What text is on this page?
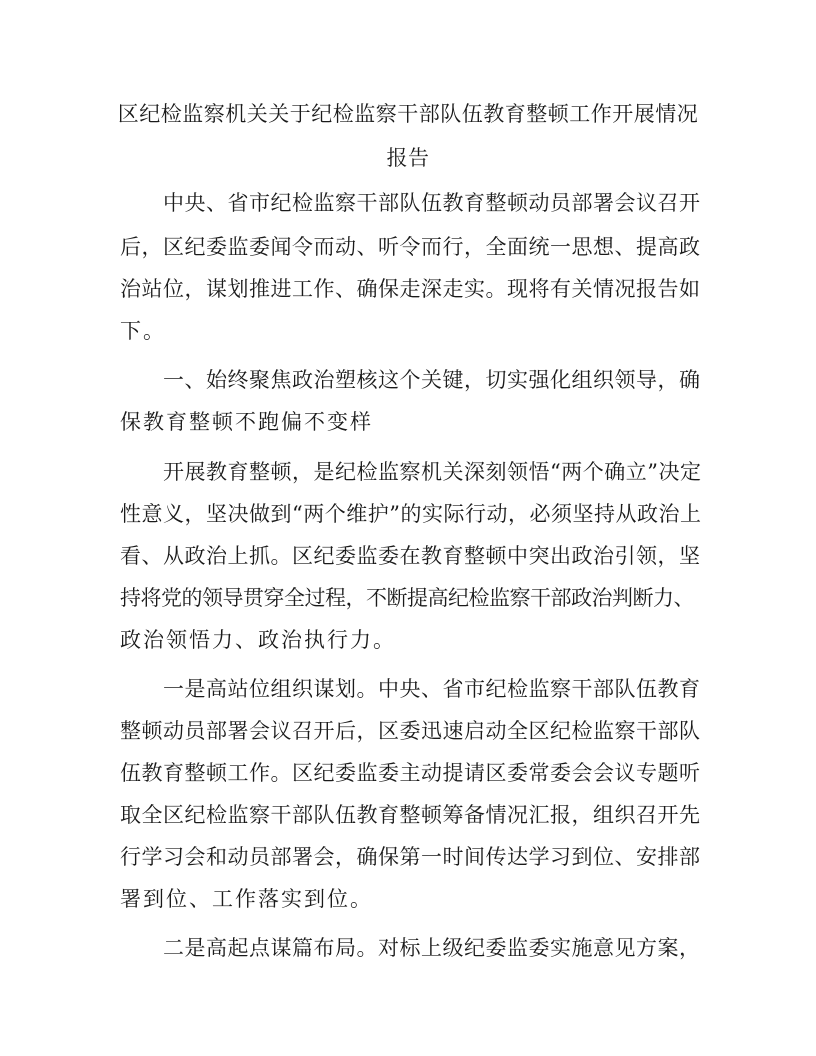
区纪检监察机关关于纪检监察干部队伍教育整顿工作开展情况
报告
中央、省市纪检监察干部队伍教育整顿动员部署会议召开
后，区纪委监委闻令而动、听令而行，全面统一思想、提高政
治站位，谋划推进工作、确保走深走实。现将有关情况报告如
下。
一、始终聚焦政治塑核这个关键，切实强化组织领导，确
保教育整顿不跑偏不变样
开展教育整顿，是纪检监察机关深刻领悟“两个确立”决定
性意义，坚决做到“两个维护”的实际行动，必须坚持从政治上
看、从政治上抓。区纪委监委在教育整顿中突出政治引领，坚
持将党的领导贯穿全过程，不断提高纪检监察干部政治判断力、
政治领悟力、政治执行力。
一是高站位组织谋划。中央、省市纪检监察干部队伍教育
整顿动员部署会议召开后，区委迅速启动全区纪检监察干部队
伍教育整顿工作。区纪委监委主动提请区委常委会会议专题听
取全区纪检监察干部队伍教育整顿筹备情况汇报，组织召开先
行学习会和动员部署会，确保第一时间传达学习到位、安排部
署到位、工作落实到位。
二是高起点谋篇布局。对标上级纪委监委实施意见方案，
